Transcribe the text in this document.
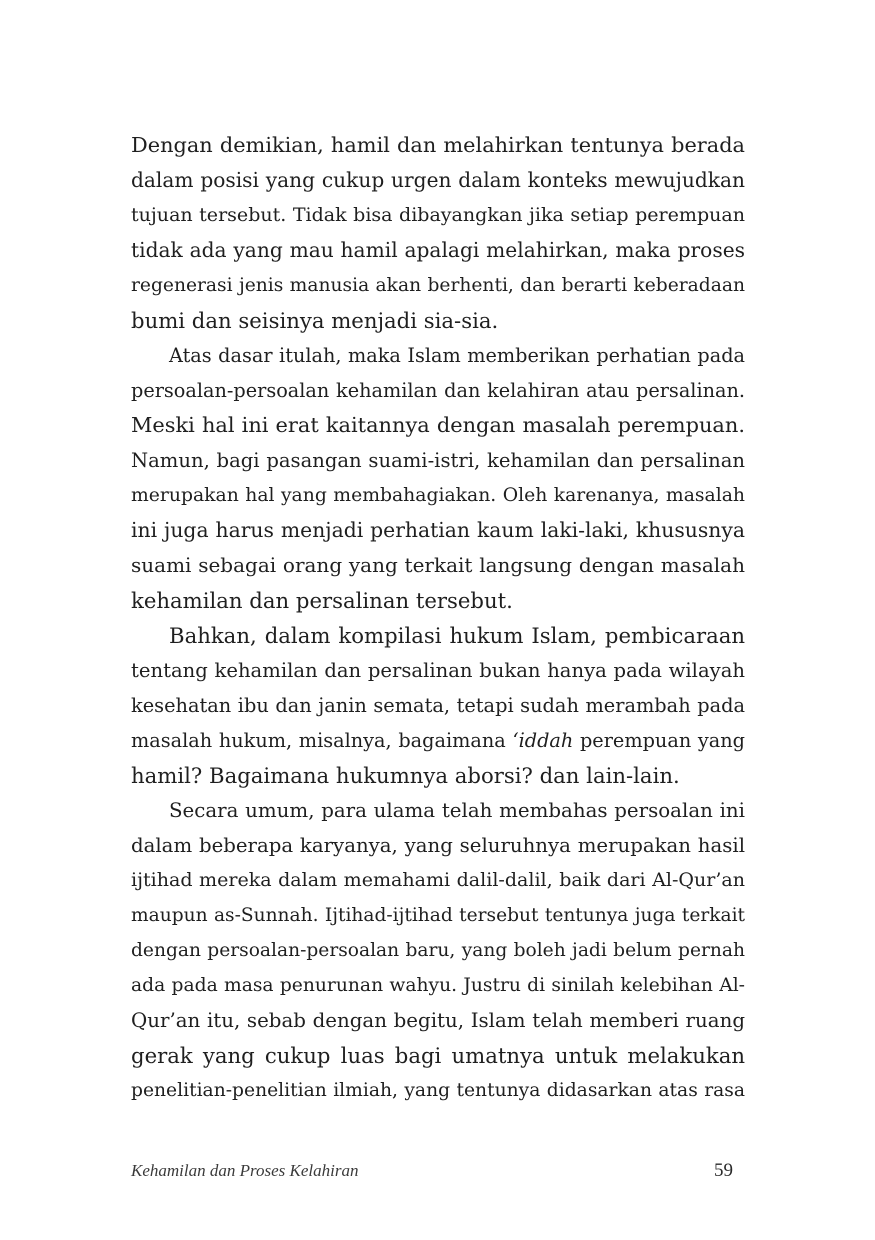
Dengan demikian, hamil dan melahirkan tentunya berada
dalam posisi yang cukup urgen dalam konteks mewujudkan
tujuan tersebut. Tidak bisa dibayangkan jika setiap perempuan
tidak ada yang mau hamil apalagi melahirkan, maka proses
regenerasi jenis manusia akan berhenti, dan berarti keberadaan
bumi dan seisinya menjadi sia-sia.

Atas dasar itulah, maka Islam memberikan perhatian pada
persoalan-persoalan kehamilan dan kelahiran atau persalinan.
Meski hal ini erat kaitannya dengan masalah perempuan.
Namun, bagi pasangan suami-istri, kehamilan dan persalinan
merupakan hal yang membahagiakan. Oleh karenanya, masalah
ini juga harus menjadi perhatian kaum laki-laki, khususnya
suami sebagai orang yang terkait langsung dengan masalah
kehamilan dan persalinan tersebut.

Bahkan, dalam kompilasi hukum Islam, pembicaraan
tentang kehamilan dan persalinan bukan hanya pada wilayah
kesehatan ibu dan janin semata, tetapi sudah merambah pada
masalah hukum, misalnya, bagaimana ‘iddah perempuan yang
hamil? Bagaimana hukumnya aborsi? dan lain-lain.

Secara umum, para ulama telah membahas persoalan ini
dalam beberapa karyanya, yang seluruhnya merupakan hasil
ijtihad mereka dalam memahami dalil-dalil, baik dari Al-Qur’an
maupun as-Sunnah. Ijtihad-ijtihad tersebut tentunya juga terkait
dengan persoalan-persoalan baru, yang boleh jadi belum pernah
ada pada masa penurunan wahyu. Justru di sinilah kelebihan Al-
Qur’an itu, sebab dengan begitu, Islam telah memberi ruang
gerak yang cukup luas bagi umatnya untuk melakukan
penelitian-penelitian ilmiah, yang tentunya didasarkan atas rasa

Kehamilan dan Proses Kelahiran	59
